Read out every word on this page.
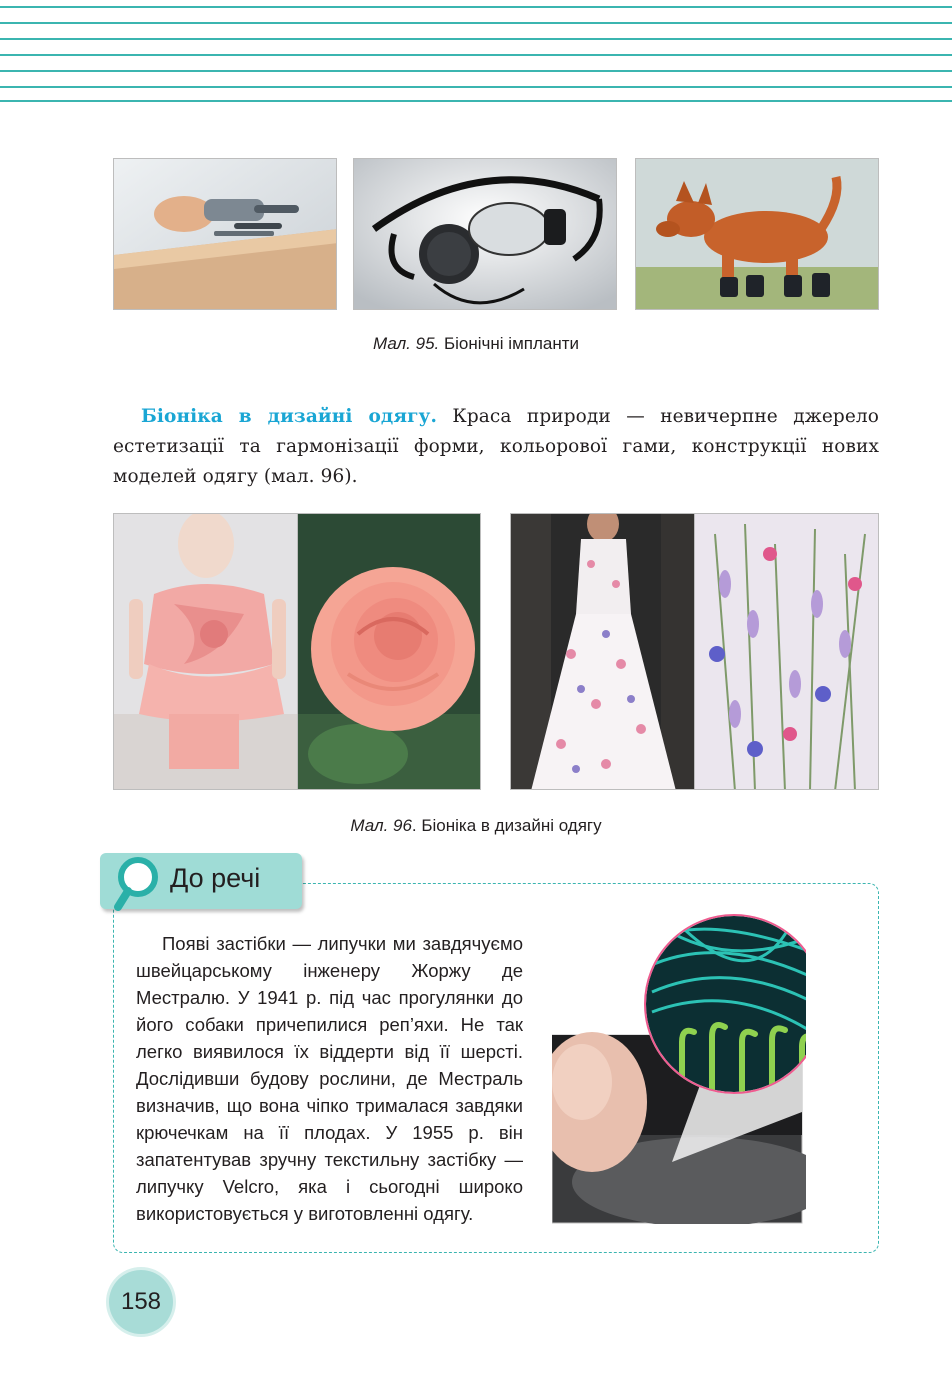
Мал. 95. Біонічні імпланти
Біоніка в дизайні одягу. Краса природи — невичерпне джерело естетизації та гармонізації форми, кольорової гами, конструкції нових моделей одягу (мал. 96).
Мал. 96. Біоніка в дизайні одягу
До речі
Появі застібки — липучки ми завдячуємо швейцарському інженеру Жоржу де Местралю. У 1941 р. під час прогулянки до його собаки причепилися реп’яхи. Не так легко виявилося їх віддерти від її шерсті. Дослідивши будову рослини, де Местраль визначив, що вона чіпко трималася завдяки крючечкам на її плодах. У 1955 р. він запатентував зручну текстильну застібку — липучку Velcro, яка і сьогодні широко використовується у виготовленні одягу.
158
